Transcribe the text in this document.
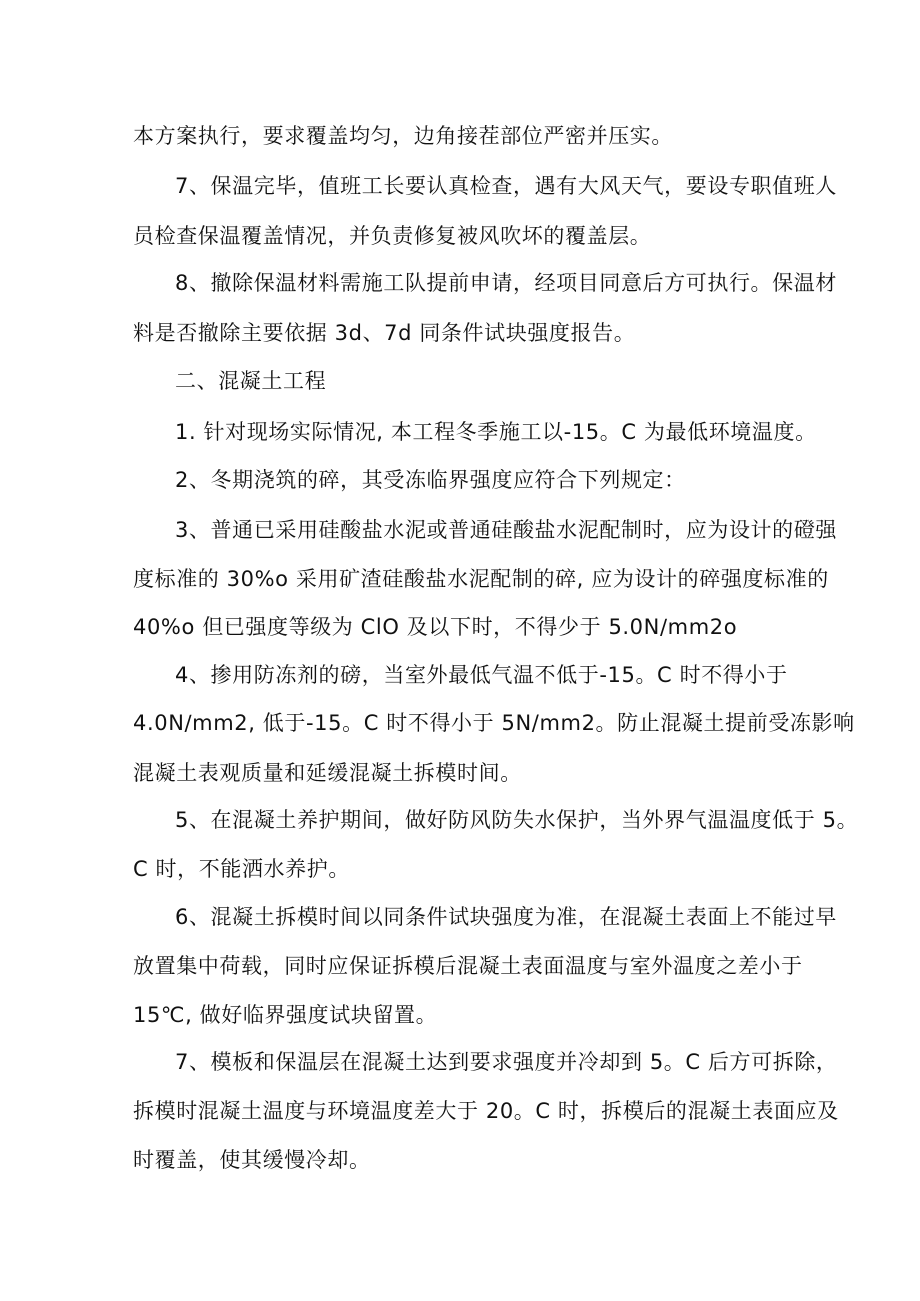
本方案执行，要求覆盖均匀，边角接茬部位严密并压实。
7、保温完毕，值班工长要认真检查，遇有大风天气，要设专职值班人
员检查保温覆盖情况，并负责修复被风吹坏的覆盖层。
8、撤除保温材料需施工队提前申请，经项目同意后方可执行。保温材
料是否撤除主要依据 3d、7d 同条件试块强度报告。
二、混凝土工程
1. 针对现场实际情况, 本工程冬季施工以-15。C 为最低环境温度。
2、冬期浇筑的碎，其受冻临界强度应符合下列规定：
3、普通已采用硅酸盐水泥或普通硅酸盐水泥配制时，应为设计的磴强
度标准的 30%o 采用矿渣硅酸盐水泥配制的碎, 应为设计的碎强度标准的
40%o 但已强度等级为 ClO 及以下时，不得少于 5.0N∕mm2o
4、掺用防冻剂的磅，当室外最低气温不低于-15。C 时不得小于
4.0N∕mm2, 低于-15。C 时不得小于 5N/mm2。防止混凝土提前受冻影响
混凝土表观质量和延缓混凝土拆模时间。
5、在混凝土养护期间，做好防风防失水保护，当外界气温温度低于 5。
C 时，不能洒水养护。
6、混凝土拆模时间以同条件试块强度为准，在混凝土表面上不能过早
放置集中荷载，同时应保证拆模后混凝土表面温度与室外温度之差小于
15℃, 做好临界强度试块留置。
7、模板和保温层在混凝土达到要求强度并冷却到 5。C 后方可拆除，
拆模时混凝土温度与环境温度差大于 20。C 时，拆模后的混凝土表面应及
时覆盖，使其缓慢冷却。
